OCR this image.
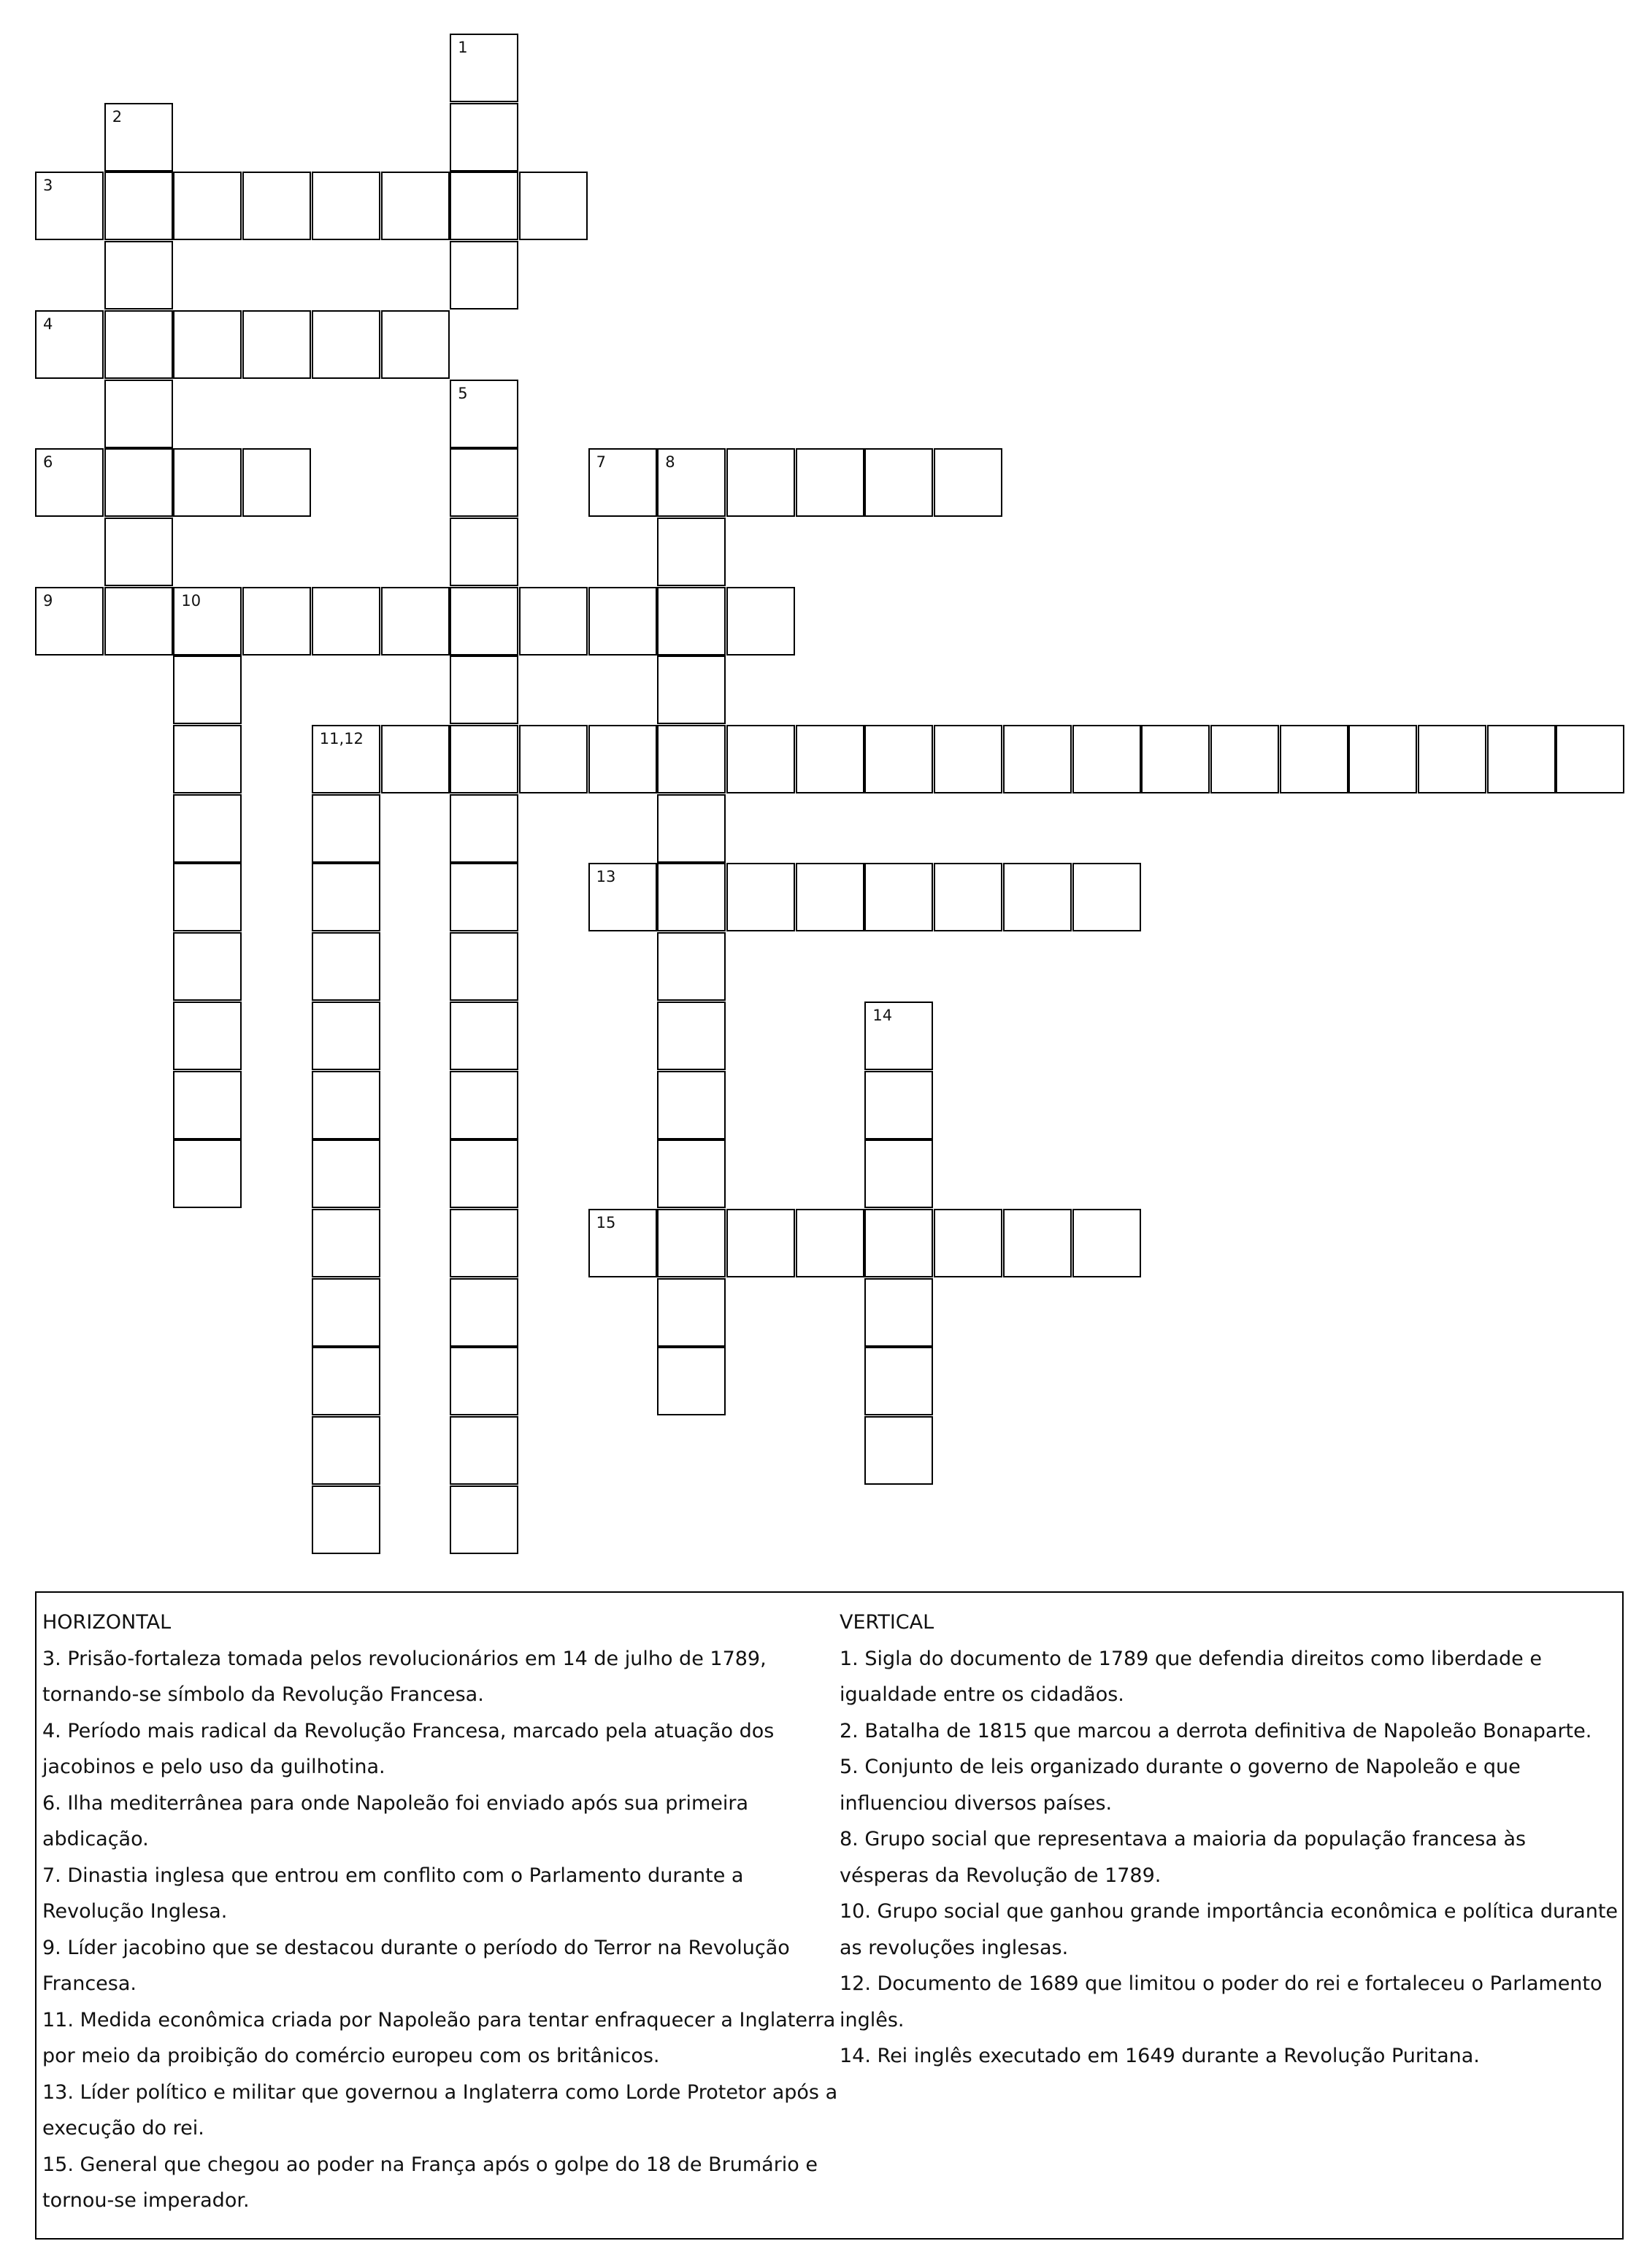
1
2
3
4
5
6	7	8
9	10
11,12
13
14
15

HORIZONTAL

3. Prisão-fortaleza tomada pelos revolucionários em 14 de julho de 1789, tornando-se símbolo da Revolução Francesa.

4. Período mais radical da Revolução Francesa, marcado pela atuação dos jacobinos e pelo uso da guilhotina.

6. Ilha mediterrânea para onde Napoleão foi enviado após sua primeira abdicação.

7. Dinastia inglesa que entrou em conflito com o Parlamento durante a Revolução Inglesa.

9. Líder jacobino que se destacou durante o período do Terror na Revolução Francesa.

11. Medida econômica criada por Napoleão para tentar enfraquecer a Inglaterra por meio da proibição do comércio europeu com os britânicos.

13. Líder político e militar que governou a Inglaterra como Lorde Protetor após a execução do rei.

15. General que chegou ao poder na França após o golpe do 18 de Brumário e tornou-se imperador.

VERTICAL

1. Sigla do documento de 1789 que defendia direitos como liberdade e igualdade entre os cidadãos.

2. Batalha de 1815 que marcou a derrota definitiva de Napoleão Bonaparte.

5. Conjunto de leis organizado durante o governo de Napoleão e que influenciou diversos países.

8. Grupo social que representava a maioria da população francesa às vésperas da Revolução de 1789.

10. Grupo social que ganhou grande importância econômica e política durante as revoluções inglesas.

12. Documento de 1689 que limitou o poder do rei e fortaleceu o Parlamento inglês.

14. Rei inglês executado em 1649 durante a Revolução Puritana.
